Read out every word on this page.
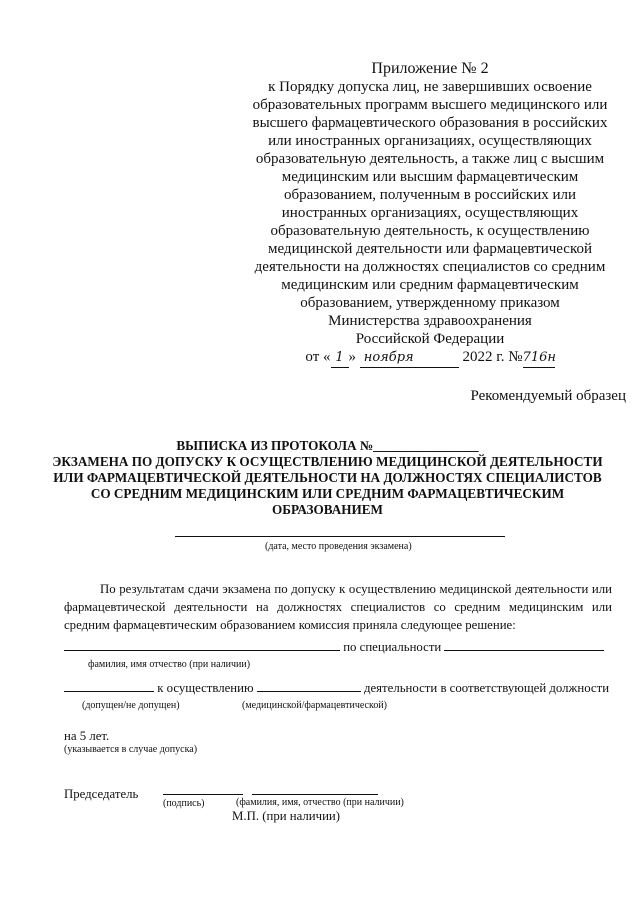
Приложение № 2
к Порядку допуска лиц, не завершивших освоение
образовательных программ высшего медицинского или
высшего фармацевтического образования в российских
или иностранных организациях, осуществляющих
образовательную деятельность, а также лиц с высшим
медицинским или высшим фармацевтическим
образованием, полученным в российских или
иностранных организациях, осуществляющих
образовательную деятельность, к осуществлению
медицинской деятельности или фармацевтической
деятельности на должностях специалистов со средним
медицинским или средним фармацевтическим
образованием, утвержденному приказом
Министерства здравоохранения
Российской Федерации
от « 1 » ноября	2022 г. №716н
Рекомендуемый образец
ВЫПИСКА ИЗ ПРОТОКОЛА №________________
ЭКЗАМЕНА ПО ДОПУСКУ К ОСУЩЕСТВЛЕНИЮ МЕДИЦИНСКОЙ ДЕЯТЕЛЬНОСТИ
ИЛИ ФАРМАЦЕВТИЧЕСКОЙ ДЕЯТЕЛЬНОСТИ НА ДОЛЖНОСТЯХ СПЕЦИАЛИСТОВ
СО СРЕДНИМ МЕДИЦИНСКИМ ИЛИ СРЕДНИМ ФАРМАЦЕВТИЧЕСКИМ
ОБРАЗОВАНИЕМ
(дата, место проведения экзамена)
По результатам сдачи экзамена по допуску к осуществлению медицинской деятельности или фармацевтической деятельности на должностях специалистов со средним медицинским или средним фармацевтическим образованием комиссия приняла следующее решение:
по специальности
фамилия, имя отчество (при наличии)
к осуществлению	деятельности в соответствующей должности
(допущен/не допущен)	(медицинской/фармацевтической)
на 5 лет.
(указывается в случае допуска)
Председатель
(подпись)	(фамилия, имя, отчество (при наличии)
М.П. (при наличии)
